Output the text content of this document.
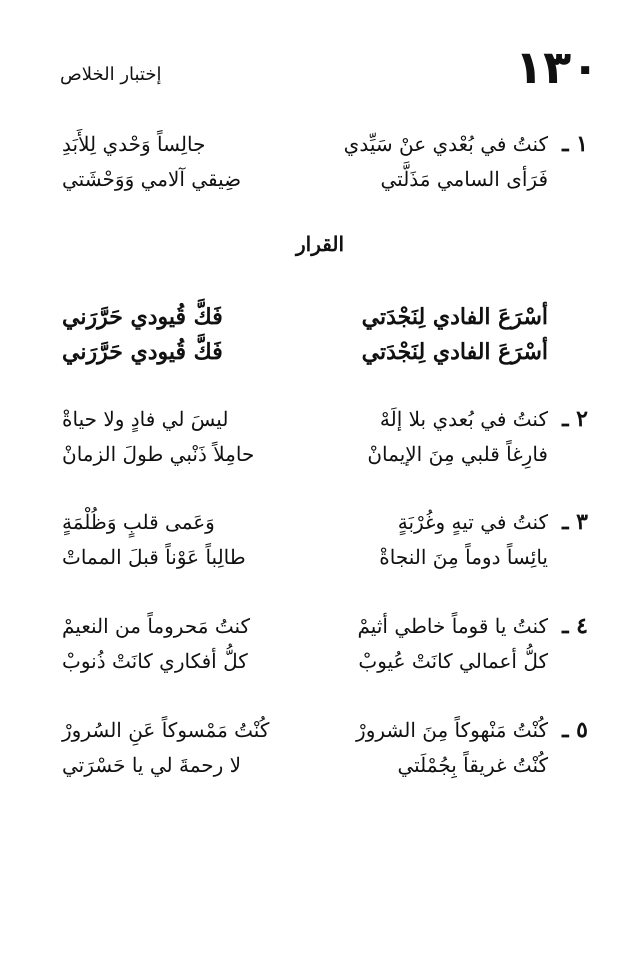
١٣٠
إختبار الخلاص
١ ـ
كنتُ في بُعْدي عنْ سَيِّدي
جالِساً وَحْدي لِلأَبَدِ
فَرَأى السامي مَذَلَّتي
ضِيقي آلامي وَوَحْشَتي
القرار
أسْرَعَ الفادي لِنَجْدَتي
فَكَّ قُيودي حَرَّرَني
أسْرَعَ الفادي لِنَجْدَتي
فَكَّ قُيودي حَرَّرَني
٢ ـ
كنتُ في بُعدي بلا إلَهْ
ليسَ لي فادٍ ولا حياةْ
فارِغاً قلبي مِنَ الإيمانْ
حامِلاً ذَنْبي طولَ الزمانْ
٣ ـ
كنتُ في تيهٍ وغُرْبَةٍ
وَعَمى قلبٍ وَظُلْمَةٍ
يائِساً دوماً مِنَ النجاةْ
طالِباً عَوْناً قبلَ المماتْ
٤ ـ
كنتُ يا قوماً خاطي أثيمْ
كنتُ مَحروماً من النعيمْ
كلُّ أعمالي كانَتْ عُيوبْ
كلُّ أفكاري كانَتْ ذُنوبْ
٥ ـ
كُنْتُ مَنْهوكاً مِنَ الشرورْ
كُنْتُ مَمْسوكاً عَنِ السُرورْ
كُنْتُ غريقاً بِجُمْلَتي
لا رحمةَ لي يا حَسْرَتي
